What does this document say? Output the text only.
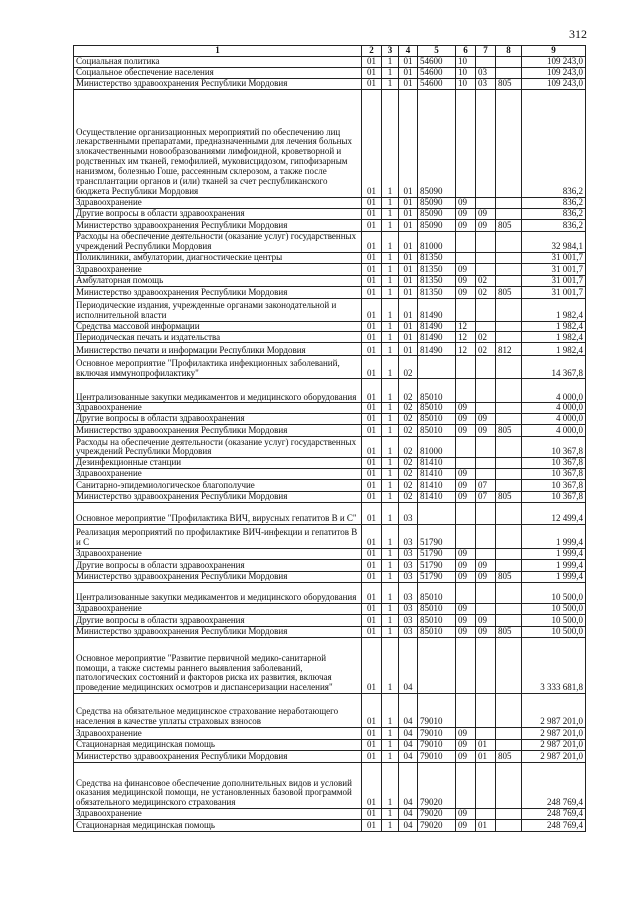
312
1	2	3	4	5	6	7	8	9
Социальная политика	01	1	01	54600	10			109 243,0
Социальное обеспечение населения	01	1	01	54600	10	03		109 243,0
Министерство здравоохранения Республики Мордовия	01	1	01	54600	10	03	805	109 243,0
Осуществление организационных мероприятий по обеспечению лиц лекарственными препаратами, предназначенными для лечения больных злокачественными новообразованиями лимфоидной, кроветворной и родственных им тканей, гемофилией, муковисцидозом, гипофизарным нанизмом, болезнью Гоше, рассеянным склерозом, а также после трансплантации органов и (или) тканей за счет республиканского бюджета Республики Мордовия	01	1	01	85090				836,2
Здравоохранение	01	1	01	85090	09			836,2
Другие вопросы в области здравоохранения	01	1	01	85090	09	09		836,2
Министерство здравоохранения Республики Мордовия	01	1	01	85090	09	09	805	836,2
Расходы на обеспечение деятельности (оказание услуг) государственных учреждений Республики Мордовия	01	1	01	81000				32 984,1
Поликлиники, амбулатории, диагностические центры	01	1	01	81350				31 001,7
Здравоохранение	01	1	01	81350	09			31 001,7
Амбулаторная помощь	01	1	01	81350	09	02		31 001,7
Министерство здравоохранения Республики Мордовия	01	1	01	81350	09	02	805	31 001,7
Периодические издания, учрежденные органами законодательной и исполнительной власти	01	1	01	81490				1 982,4
Средства массовой информации	01	1	01	81490	12			1 982,4
Периодическая печать и издательства	01	1	01	81490	12	02		1 982,4
Министерство печати и информации Республики Мордовия	01	1	01	81490	12	02	812	1 982,4
Основное мероприятие "Профилактика инфекционных заболеваний, включая иммунопрофилактику"	01	1	02					14 367,8
Централизованные закупки медикаментов и медицинского оборудования	01	1	02	85010				4 000,0
Здравоохранение	01	1	02	85010	09			4 000,0
Другие вопросы в области здравоохранения	01	1	02	85010	09	09		4 000,0
Министерство здравоохранения Республики Мордовия	01	1	02	85010	09	09	805	4 000,0
Расходы на обеспечение деятельности (оказание услуг) государственных учреждений Республики Мордовия	01	1	02	81000				10 367,8
Дезинфекционные станции	01	1	02	81410				10 367,8
Здравоохранение	01	1	02	81410	09			10 367,8
Санитарно-эпидемиологическое благополучие	01	1	02	81410	09	07		10 367,8
Министерство здравоохранения Республики Мордовия	01	1	02	81410	09	07	805	10 367,8
Основное мероприятие "Профилактика ВИЧ, вирусных гепатитов В и С"	01	1	03					12 499,4
Реализация мероприятий по профилактике ВИЧ-инфекции и гепатитов В и С	01	1	03	51790				1 999,4
Здравоохранение	01	1	03	51790	09			1 999,4
Другие вопросы в области здравоохранения	01	1	03	51790	09	09		1 999,4
Министерство здравоохранения Республики Мордовия	01	1	03	51790	09	09	805	1 999,4
Централизованные закупки медикаментов и медицинского оборудования	01	1	03	85010				10 500,0
Здравоохранение	01	1	03	85010	09			10 500,0
Другие вопросы в области здравоохранения	01	1	03	85010	09	09		10 500,0
Министерство здравоохранения Республики Мордовия	01	1	03	85010	09	09	805	10 500,0
Основное мероприятие "Развитие первичной медико-санитарной помощи, а также системы раннего выявления заболеваний, патологических состояний и факторов риска их развития, включая проведение медицинских осмотров и диспансеризации населения"	01	1	04					3 333 681,8
Средства на обязательное медицинское страхование неработающего населения в качестве уплаты страховых взносов	01	1	04	79010				2 987 201,0
Здравоохранение	01	1	04	79010	09			2 987 201,0
Стационарная медицинская помощь	01	1	04	79010	09	01		2 987 201,0
Министерство здравоохранения Республики Мордовия	01	1	04	79010	09	01	805	2 987 201,0
Средства на финансовое обеспечение дополнительных видов и условий оказания медицинской помощи, не установленных базовой программой обязательного медицинского страхования	01	1	04	79020				248 769,4
Здравоохранение	01	1	04	79020	09			248 769,4
Стационарная медицинская помощь	01	1	04	79020	09	01		248 769,4
